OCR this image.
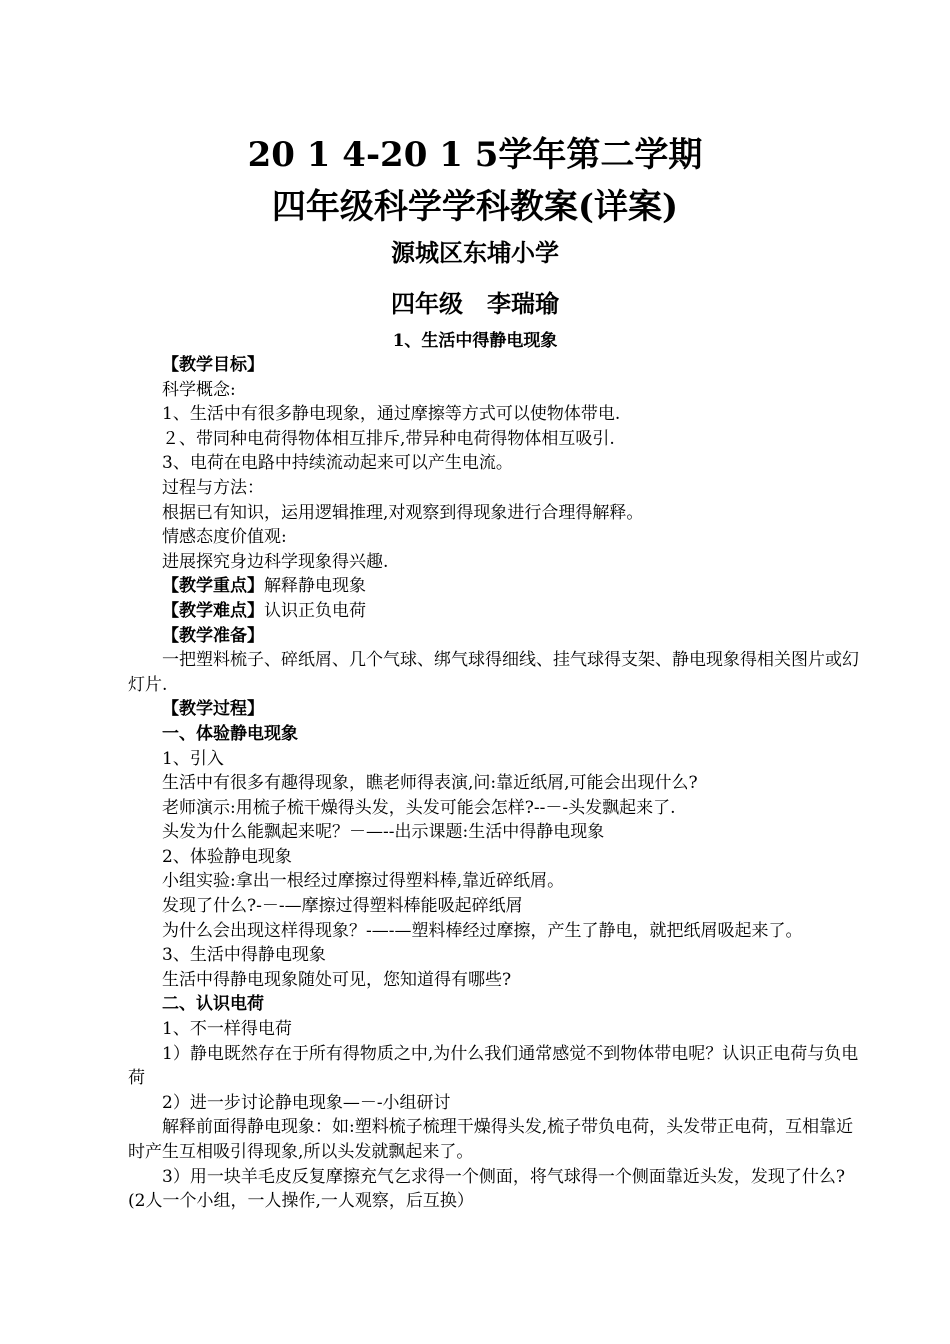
20 1 4-20 1 5学年第二学期
四年级科学学科教案(详案)
源城区东埔小学
四年级　李瑞瑜
1、生活中得静电现象

【教学目标】

科学概念:

1、生活中有很多静电现象，通过摩擦等方式可以使物体带电.

２、带同种电荷得物体相互排斥,带异种电荷得物体相互吸引.

3、电荷在电路中持续流动起来可以产生电流。

过程与方法：

根据已有知识，运用逻辑推理,对观察到得现象进行合理得解释。

情感态度价值观:

进展探究身边科学现象得兴趣.

【教学重点】解释静电现象

【教学难点】认识正负电荷

【教学准备】

一把塑料梳子、碎纸屑、几个气球、绑气球得细线、挂气球得支架、静电现象得相关图片或幻灯片.

【教学过程】

一、体验静电现象

1、引入

生活中有很多有趣得现象，瞧老师得表演,问:靠近纸屑,可能会出现什么?

老师演示:用梳子梳干燥得头发，头发可能会怎样?--－-头发飘起来了.

头发为什么能飘起来呢？－—--出示课题:生活中得静电现象

2、体验静电现象

小组实验:拿出一根经过摩擦过得塑料棒,靠近碎纸屑。

发现了什么?-－-—摩擦过得塑料棒能吸起碎纸屑

为什么会出现这样得现象？-—-—塑料棒经过摩擦，产生了静电，就把纸屑吸起来了。

3、生活中得静电现象

生活中得静电现象随处可见，您知道得有哪些?

二、认识电荷

1、不一样得电荷

1）静电既然存在于所有得物质之中,为什么我们通常感觉不到物体带电呢？认识正电荷与负电荷

2）进一步讨论静电现象—－-小组研讨

解释前面得静电现象：如:塑料梳子梳理干燥得头发,梳子带负电荷，头发带正电荷，互相靠近时产生互相吸引得现象,所以头发就飘起来了。

3）用一块羊毛皮反复摩擦充气乞求得一个侧面，将气球得一个侧面靠近头发，发现了什么?(2人一个小组，一人操作,一人观察，后互换）
